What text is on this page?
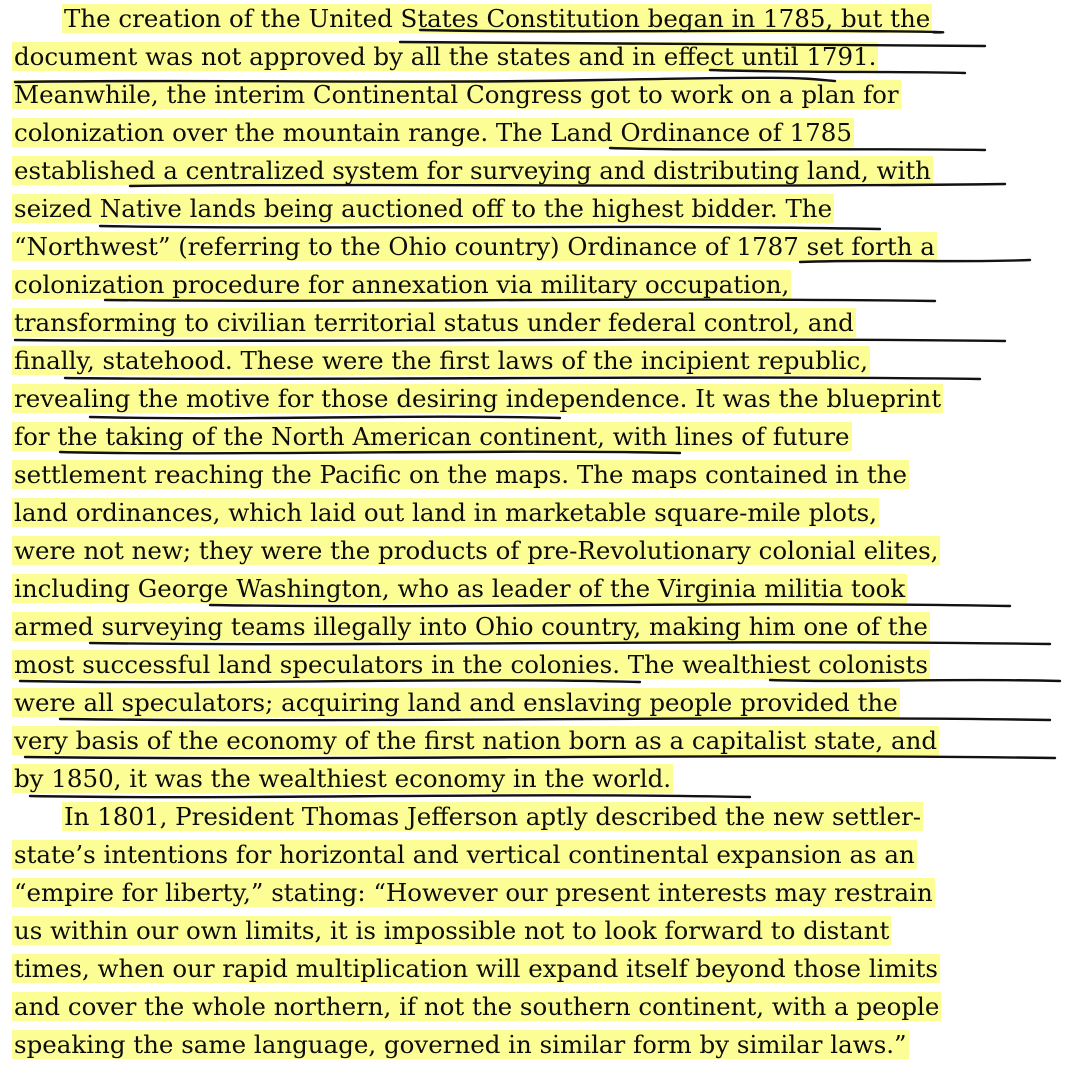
The creation of the United States Constitution began in 1785, but the
document was not approved by all the states and in effect until 1791.
Meanwhile, the interim Continental Congress got to work on a plan for
colonization over the mountain range. The Land Ordinance of 1785
established a centralized system for surveying and distributing land, with
seized Native lands being auctioned off to the highest bidder. The
“Northwest” (referring to the Ohio country) Ordinance of 1787 set forth a
colonization procedure for annexation via military occupation,
transforming to civilian territorial status under federal control, and
finally, statehood. These were the first laws of the incipient republic,
revealing the motive for those desiring independence. It was the blueprint
for the taking of the North American continent, with lines of future
settlement reaching the Pacific on the maps. The maps contained in the
land ordinances, which laid out land in marketable square-mile plots,
were not new; they were the products of pre-Revolutionary colonial elites,
including George Washington, who as leader of the Virginia militia took
armed surveying teams illegally into Ohio country, making him one of the
most successful land speculators in the colonies. The wealthiest colonists
were all speculators; acquiring land and enslaving people provided the
very basis of the economy of the first nation born as a capitalist state, and
by 1850, it was the wealthiest economy in the world.
In 1801, President Thomas Jefferson aptly described the new settler-
state’s intentions for horizontal and vertical continental expansion as an
“empire for liberty,” stating: “However our present interests may restrain
us within our own limits, it is impossible not to look forward to distant
times, when our rapid multiplication will expand itself beyond those limits
and cover the whole northern, if not the southern continent, with a people
speaking the same language, governed in similar form by similar laws.”
